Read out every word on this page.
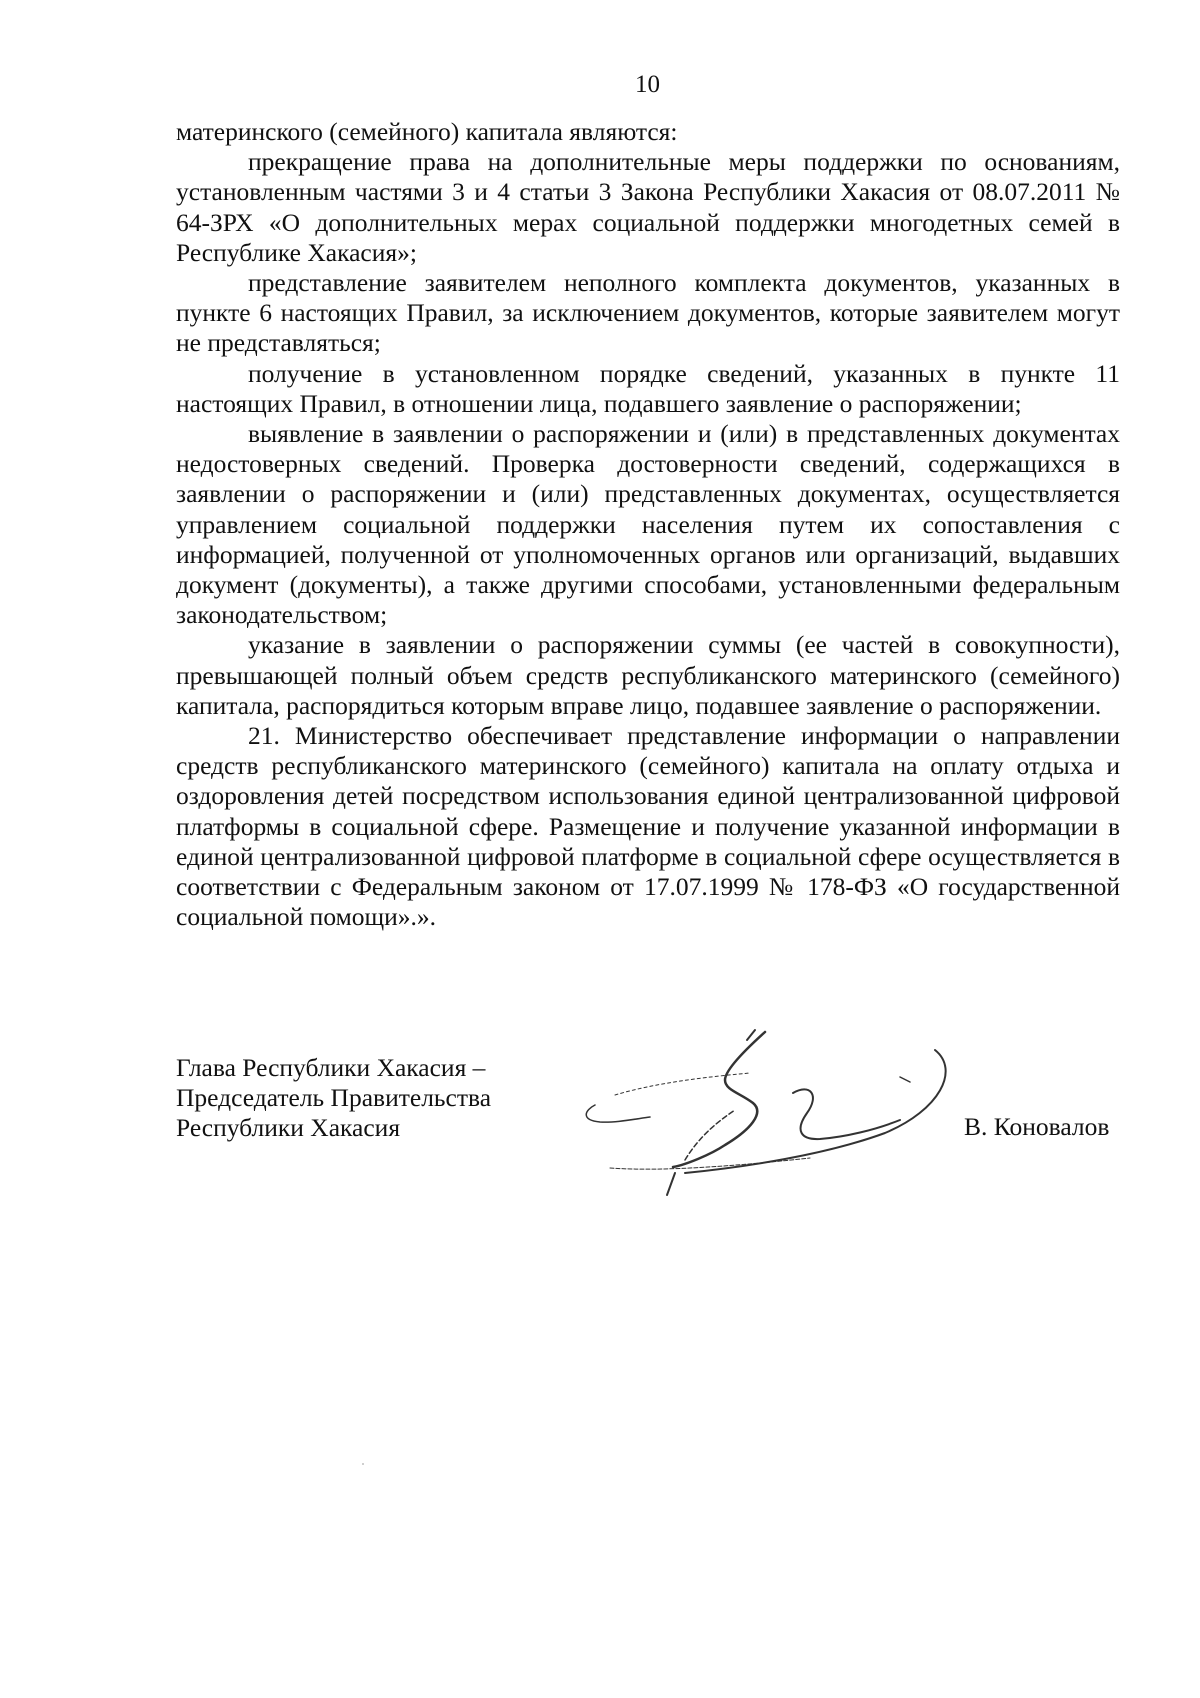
10

материнского (семейного) капитала являются:

прекращение права на дополнительные меры поддержки по основаниям, установленным частями 3 и 4 статьи 3 Закона Республики Хакасия от 08.07.2011 № 64-ЗРХ «О дополнительных мерах социальной поддержки многодетных семей в Республике Хакасия»;

представление заявителем неполного комплекта документов, указанных в пункте 6 настоящих Правил, за исключением документов, которые заявителем могут не представляться;

получение в установленном порядке сведений, указанных в пункте 11 настоящих Правил, в отношении лица, подавшего заявление о распоряжении;

выявление в заявлении о распоряжении и (или) в представленных документах недостоверных сведений. Проверка достоверности сведений, содержащихся в заявлении о распоряжении и (или) представленных документах, осуществляется управлением социальной поддержки населения путем их сопоставления с информацией, полученной от уполномоченных органов или организаций, выдавших документ (документы), а также другими способами, установленными федеральным законодательством;

указание в заявлении о распоряжении суммы (ее частей в совокупности), превышающей полный объем средств республиканского материнского (семейного) капитала, распорядиться которым вправе лицо, подавшее заявление о распоряжении.

21. Министерство обеспечивает представление информации о направлении средств республиканского материнского (семейного) капитала на оплату отдыха и оздоровления детей посредством использования единой централизованной цифровой платформы в социальной сфере. Размещение и получение указанной информации в единой централизованной цифровой платформе в социальной сфере осуществляется в соответствии с Федеральным законом от 17.07.1999 № 178-ФЗ «О государственной социальной помощи».».

Глава Республики Хакасия –
Председатель Правительства
Республики Хакасия	В. Коновалов
